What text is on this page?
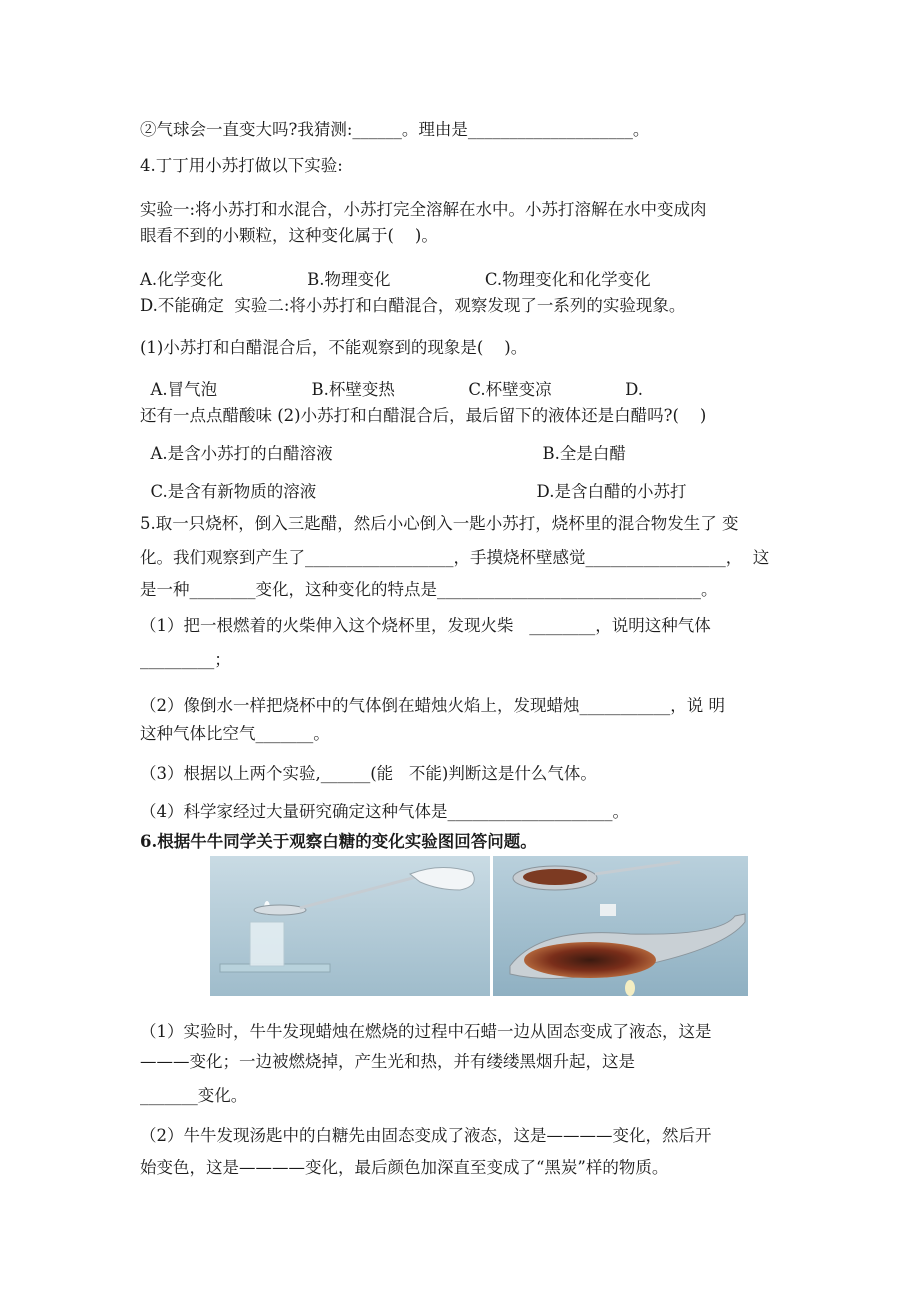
②气球会一直变大吗?我猜测:______。理由是____________________。
4.丁丁用小苏打做以下实验:
实验一:将小苏打和水混合，小苏打完全溶解在水中。小苏打溶解在水中变成肉
眼看不到的小颗粒，这种变化属于(    )。
A.化学变化                B.物理变化                  C.物理变化和化学变化
D.不能确定  实验二:将小苏打和白醋混合，观察发现了一系列的实验现象。
(1)小苏打和白醋混合后，不能观察到的现象是(    )。
A.冒气泡                  B.杯壁变热              C.杯壁变凉              D.
还有一点点醋酸味 (2)小苏打和白醋混合后，最后留下的液体还是白醋吗?(    )
A.是含小苏打的白醋溶液                                        B.全是白醋
C.是含有新物质的溶液                                          D.是含白醋的小苏打
5.取一只烧杯，倒入三匙醋，然后小心倒入一匙小苏打，烧杯里的混合物发生了 变
化。我们观察到产生了__________________，手摸烧杯壁感觉_________________，  这
是一种________变化，这种变化的特点是________________________________。
（1）把一根燃着的火柴伸入这个烧杯里，发现火柴   ________，说明这种气体
_________；
（2）像倒水一样把烧杯中的气体倒在蜡烛火焰上，发现蜡烛___________，说 明
这种气体比空气_______。
（3）根据以上两个实验,______(能   不能)判断这是什么气体。
（4）科学家经过大量研究确定这种气体是____________________。
6.根据牛牛同学关于观察白糖的变化实验图回答问题。
（1）实验时，牛牛发现蜡烛在燃烧的过程中石蜡一边从固态变成了液态，这是
———变化；一边被燃烧掉，产生光和热，并有缕缕黑烟升起，这是
_______变化。
（2）牛牛发现汤匙中的白糖先由固态变成了液态，这是————变化，然后开
始变色，这是————变化，最后颜色加深直至变成了“黑炭”样的物质。
